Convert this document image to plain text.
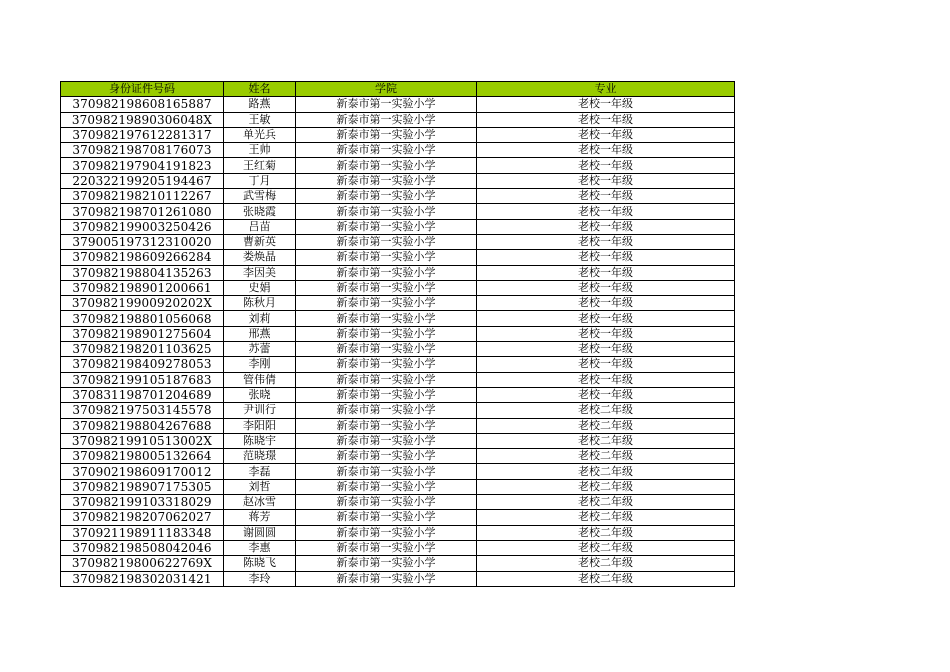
身份证件号码	姓名	学院	专业
370982198608165887	路燕	新泰市第一实验小学	老校一年级
37098219890306048X	王敏	新泰市第一实验小学	老校一年级
370982197612281317	单光兵	新泰市第一实验小学	老校一年级
370982198708176073	王帅	新泰市第一实验小学	老校一年级
370982197904191823	王红菊	新泰市第一实验小学	老校一年级
220322199205194467	丁月	新泰市第一实验小学	老校一年级
370982198210112267	武雪梅	新泰市第一实验小学	老校一年级
370982198701261080	张晓霞	新泰市第一实验小学	老校一年级
370982199003250426	吕苗	新泰市第一实验小学	老校一年级
379005197312310020	曹新英	新泰市第一实验小学	老校一年级
370982198609266284	娄焕晶	新泰市第一实验小学	老校一年级
370982198804135263	李因美	新泰市第一实验小学	老校一年级
370982198901200661	史娟	新泰市第一实验小学	老校一年级
37098219900920202X	陈秋月	新泰市第一实验小学	老校一年级
370982198801056068	刘莉	新泰市第一实验小学	老校一年级
370982198901275604	邢燕	新泰市第一实验小学	老校一年级
370982198201103625	苏蕾	新泰市第一实验小学	老校一年级
370982198409278053	李刚	新泰市第一实验小学	老校一年级
370982199105187683	管伟倩	新泰市第一实验小学	老校一年级
370831198701204689	张晓	新泰市第一实验小学	老校一年级
370982197503145578	尹训行	新泰市第一实验小学	老校二年级
370982198804267688	李阳阳	新泰市第一实验小学	老校二年级
37098219910513002X	陈晓宇	新泰市第一实验小学	老校二年级
370982198005132664	范晓璟	新泰市第一实验小学	老校二年级
370902198609170012	李磊	新泰市第一实验小学	老校二年级
370982198907175305	刘哲	新泰市第一实验小学	老校二年级
370982199103318029	赵冰雪	新泰市第一实验小学	老校二年级
370982198207062027	蒋芳	新泰市第一实验小学	老校二年级
370921198911183348	谢圆圆	新泰市第一实验小学	老校二年级
370982198508042046	李惠	新泰市第一实验小学	老校二年级
37098219800622769X	陈晓飞	新泰市第一实验小学	老校二年级
370982198302031421	李玲	新泰市第一实验小学	老校二年级
